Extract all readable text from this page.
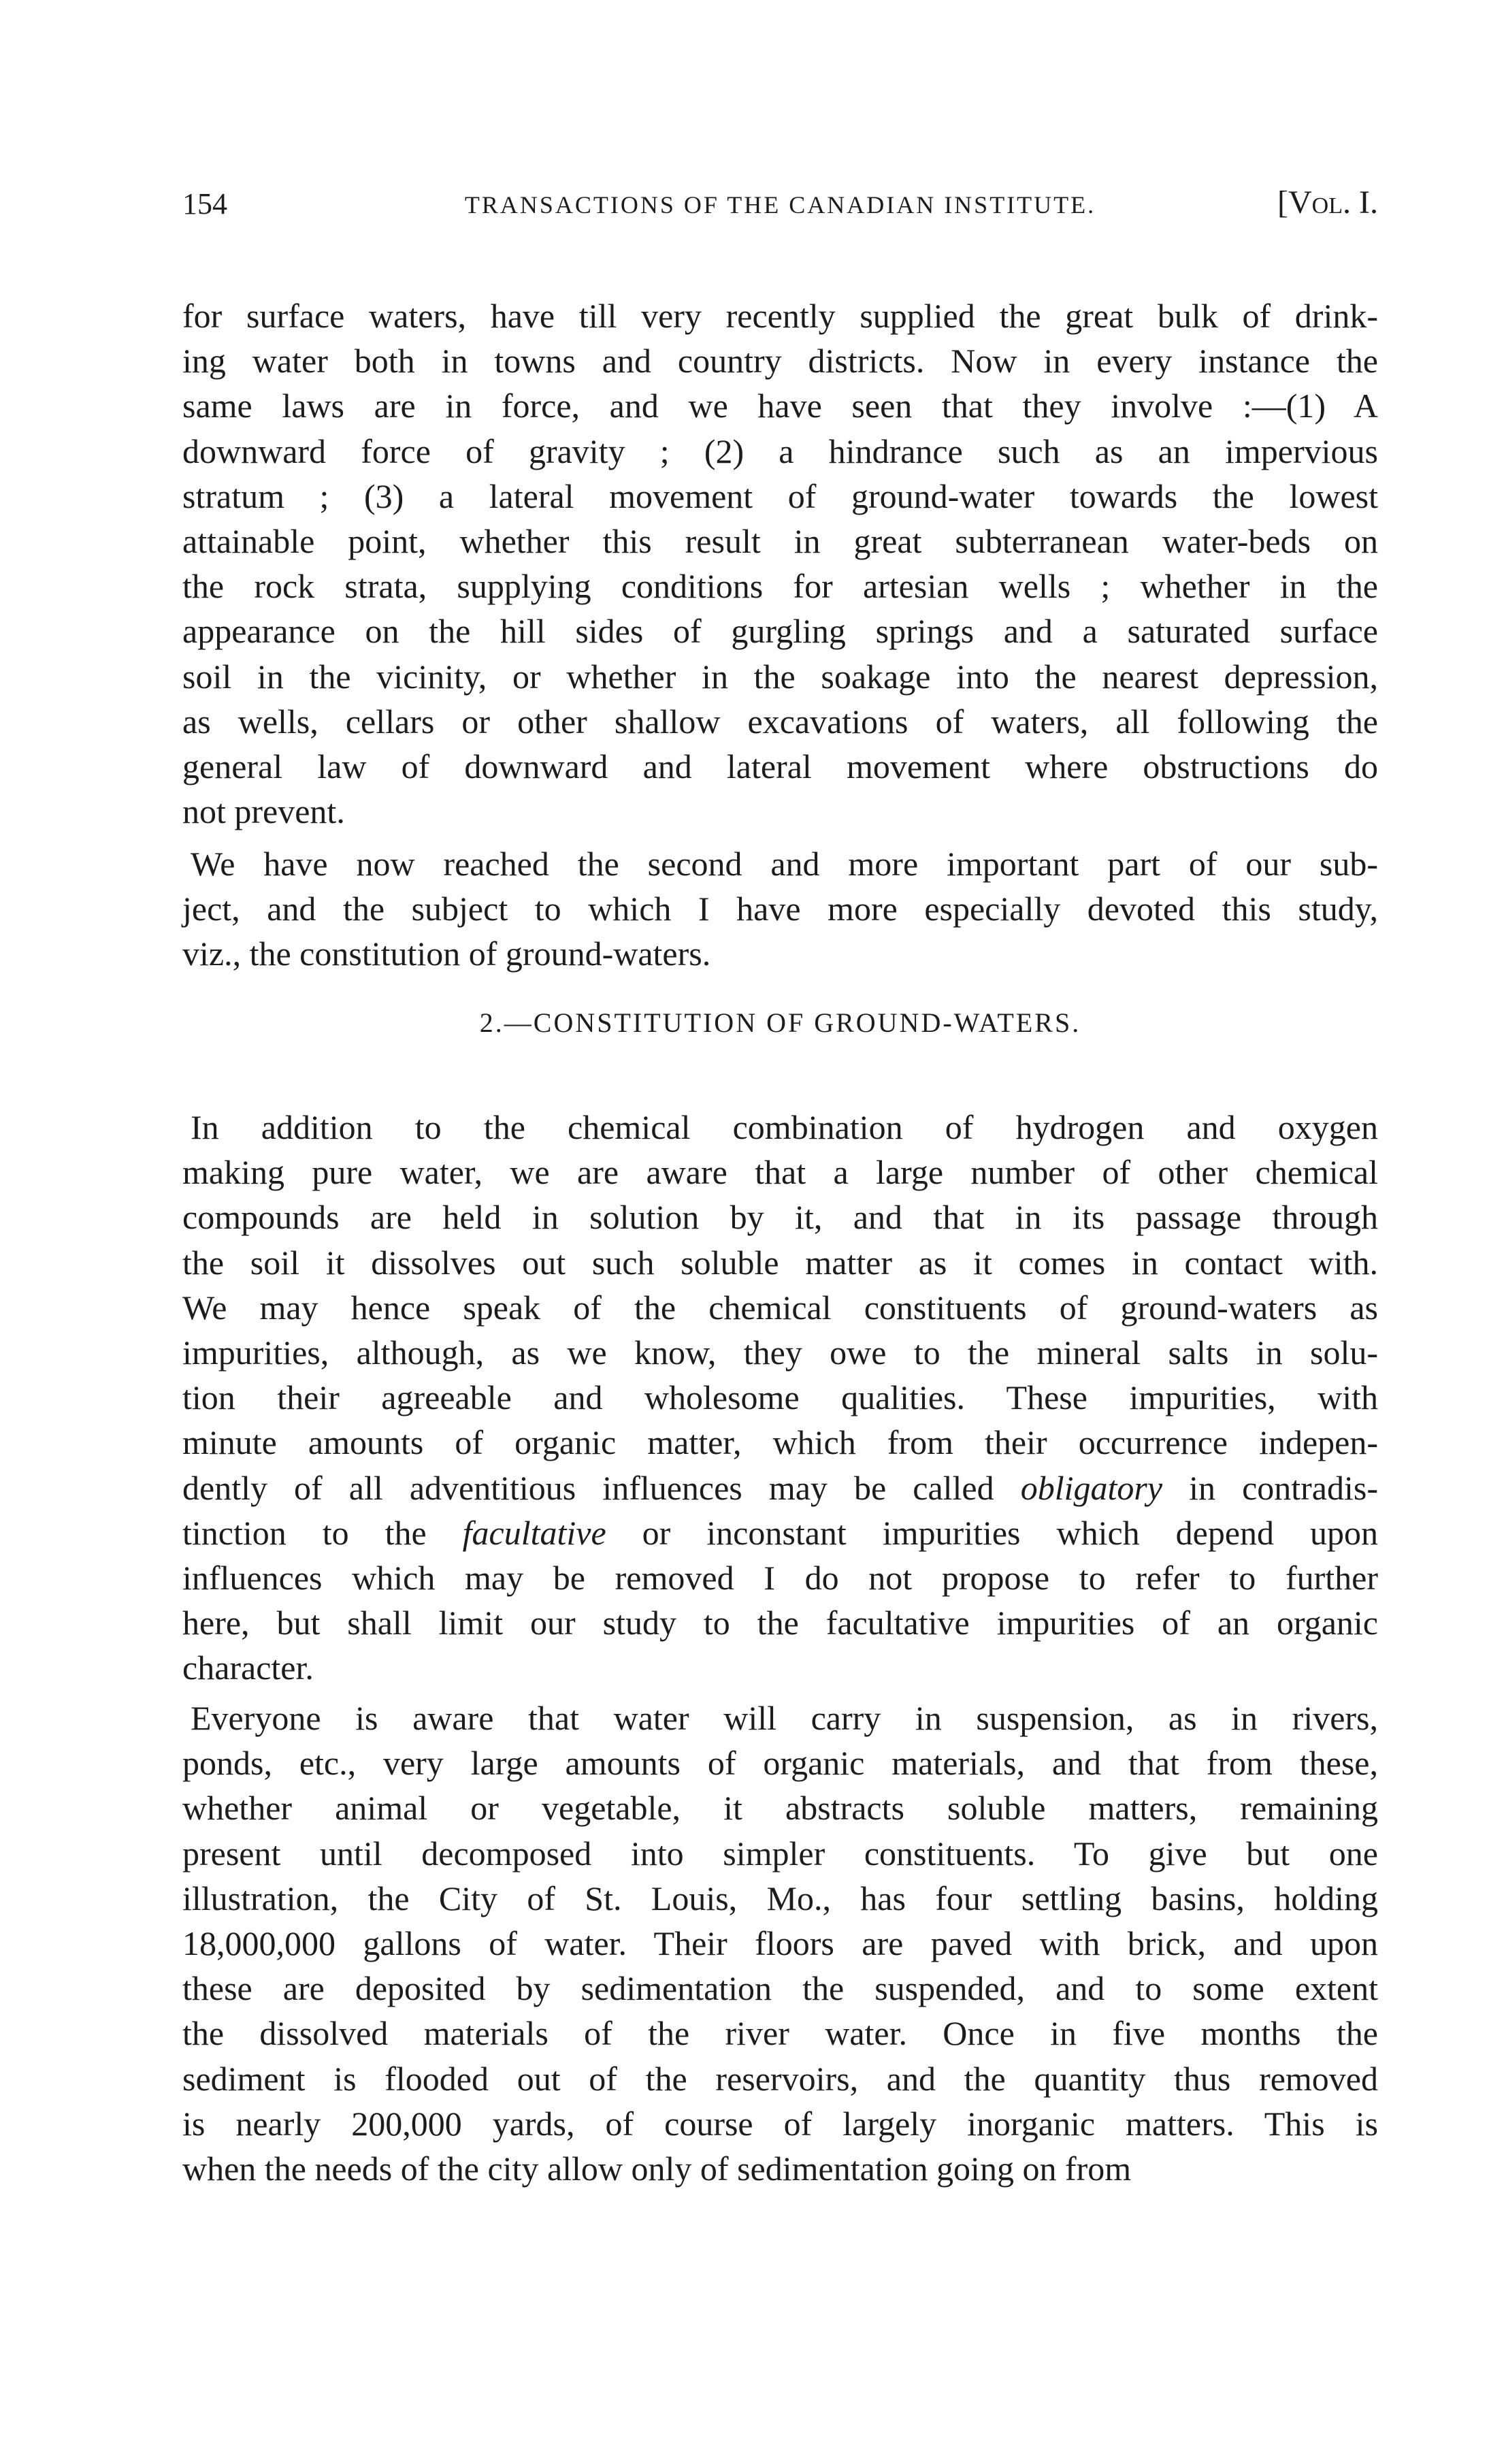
154	TRANSACTIONS OF THE CANADIAN INSTITUTE.	[Vol. I.
for surface waters, have till very recently supplied the great bulk of drink-
ing water both in towns and country districts. Now in every instance the
same laws are in force, and we have seen that they involve :—(1) A
downward force of gravity ; (2) a hindrance such as an impervious
stratum ; (3) a lateral movement of ground-water towards the lowest
attainable point, whether this result in great subterranean water-beds on
the rock strata, supplying conditions for artesian wells ; whether in the
appearance on the hill sides of gurgling springs and a saturated surface
soil in the vicinity, or whether in the soakage into the nearest depression,
as wells, cellars or other shallow excavations of waters, all following the
general law of downward and lateral movement where obstructions do
not prevent.
We have now reached the second and more important part of our sub-
ject, and the subject to which I have more especially devoted this study,
viz., the constitution of ground-waters.
2.—CONSTITUTION OF GROUND-WATERS.
In addition to the chemical combination of hydrogen and oxygen
making pure water, we are aware that a large number of other chemical
compounds are held in solution by it, and that in its passage through
the soil it dissolves out such soluble matter as it comes in contact with.
We may hence speak of the chemical constituents of ground-waters as
impurities, although, as we know, they owe to the mineral salts in solu-
tion their agreeable and wholesome qualities. These impurities, with
minute amounts of organic matter, which from their occurrence indepen-
dently of all adventitious influences may be called obligatory in contradis-
tinction to the facultative or inconstant impurities which depend upon
influences which may be removed I do not propose to refer to further
here, but shall limit our study to the facultative impurities of an organic
character.
Everyone is aware that water will carry in suspension, as in rivers,
ponds, etc., very large amounts of organic materials, and that from these,
whether animal or vegetable, it abstracts soluble matters, remaining
present until decomposed into simpler constituents. To give but one
illustration, the City of St. Louis, Mo., has four settling basins, holding
18,000,000 gallons of water. Their floors are paved with brick, and upon
these are deposited by sedimentation the suspended, and to some extent
the dissolved materials of the river water. Once in five months the
sediment is flooded out of the reservoirs, and the quantity thus removed
is nearly 200,000 yards, of course of largely inorganic matters. This is
when the needs of the city allow only of sedimentation going on from
